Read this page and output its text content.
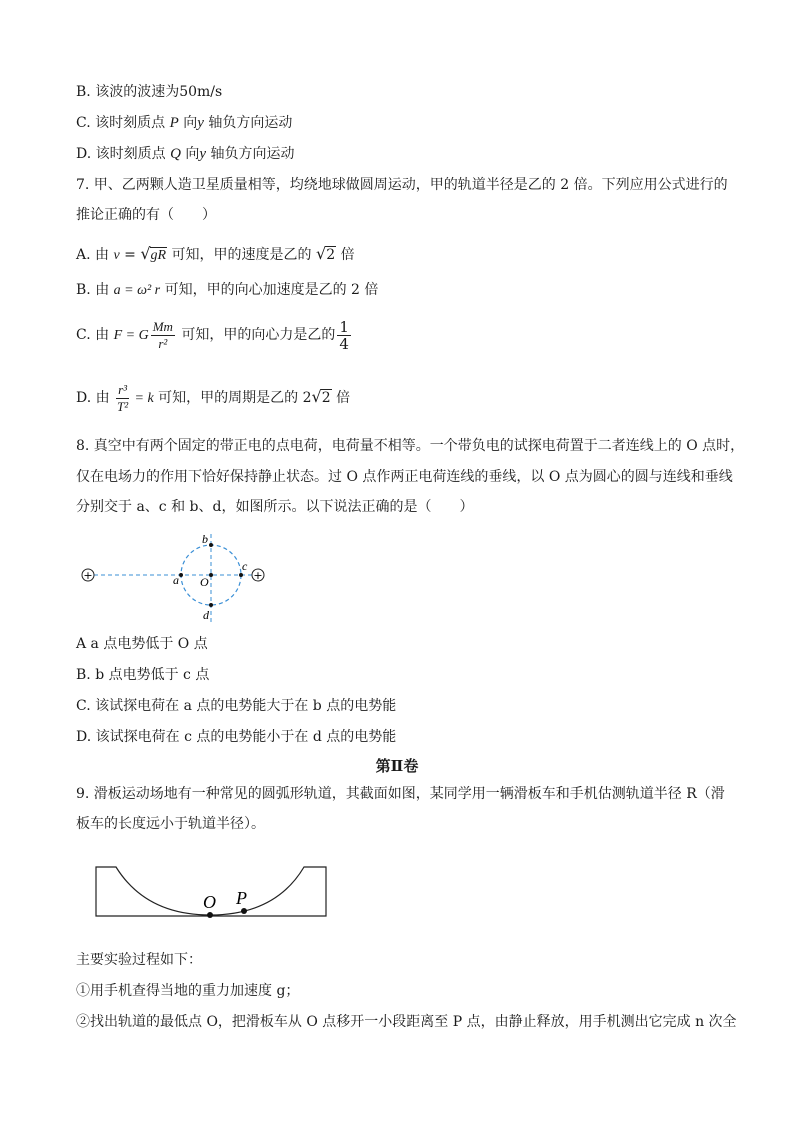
B. 该波的波速为50m/s
C. 该时刻质点 P 向y 轴负方向运动
D. 该时刻质点 Q 向y 轴负方向运动
7. 甲、乙两颗人造卫星质量相等，均绕地球做圆周运动，甲的轨道半径是乙的 2 倍。下列应用公式进行的
推论正确的有（　　）
A. 由 v = √gR 可知，甲的速度是乙的 √2 倍
B. 由 a = ω² r 可知，甲的向心加速度是乙的 2 倍
C. 由 F = G $\frac{Mm}{\text{r²}}$ 可知，甲的向心力是乙的 $\frac{1}{4}$
D. 由 $\frac{\text{r³}}{\text{T²}} = k$ 可知，甲的周期是乙的 2√2 倍
8. 真空中有两个固定的带正电的点电荷，电荷量不相等。一个带负电的试探电荷置于二者连线上的 O 点时，
仅在电场力的作用下恰好保持静止状态。过 O 点作两正电荷连线的垂线，以 O 点为圆心的圆与连线和垂线
分别交于 a、c 和 b、d，如图所示。以下说法正确的是（　　）
+	+
b
a O
c
d
A a 点电势低于 O 点
B. b 点电势低于 c 点
C. 该试探电荷在 a 点的电势能大于在 b 点的电势能
D. 该试探电荷在 c 点的电势能小于在 d 点的电势能
第Ⅱ卷
9. 滑板运动场地有一种常见的圆弧形轨道，其截面如图，某同学用一辆滑板车和手机估测轨道半径 R（滑
板车的长度远小于轨道半径）。
O P
主要实验过程如下：
①用手机查得当地的重力加速度 g；
②找出轨道的最低点 O，把滑板车从 O 点移开一小段距离至 P 点，由静止释放，用手机测出它完成 n 次全
